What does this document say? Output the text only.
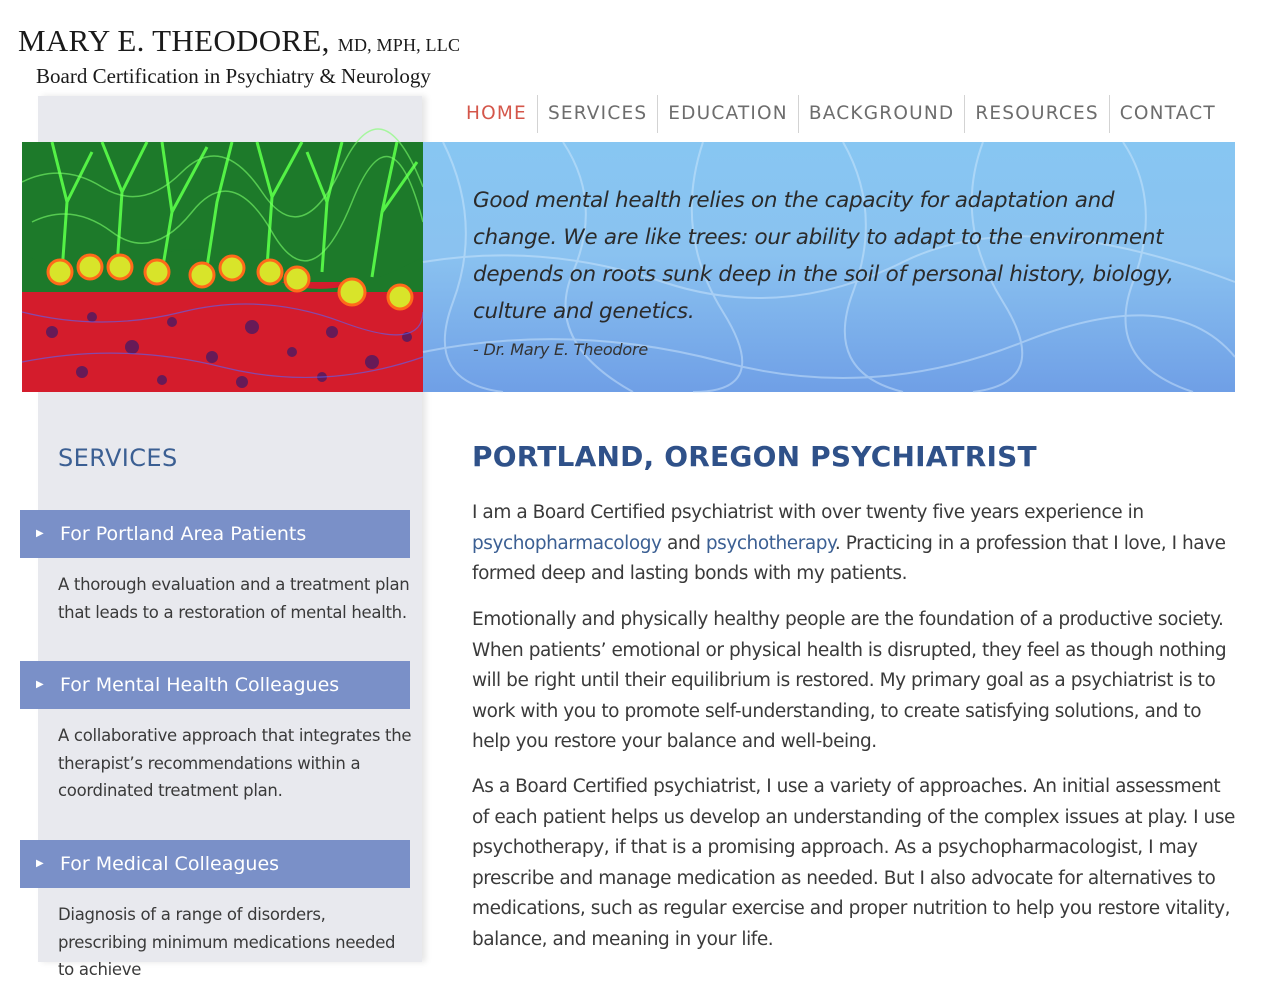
MARY E. THEODORE, MD, MPH, LLC
Board Certification in Psychiatry & Neurology
HOME	SERVICES	EDUCATION	BACKGROUND	RESOURCES	CONTACT
Good mental health relies on the capacity for adaptation and change. We are like trees: our ability to adapt to the environment depends on roots sunk deep in the soil of personal history, biology, culture and genetics.
- Dr. Mary E. Theodore
SERVICES
▶ For Portland Area Patients
A thorough evaluation and a treatment plan that leads to a restoration of mental health.
▶ For Mental Health Colleagues
A collaborative approach that integrates the therapist’s recommendations within a coordinated treatment plan.
▶ For Medical Colleagues
Diagnosis of a range of disorders, prescribing minimum medications needed to achieve
PORTLAND, OREGON PSYCHIATRIST

I am a Board Certified psychiatrist with over twenty five years experience in psychopharmacology and psychotherapy. Practicing in a profession that I love, I have formed deep and lasting bonds with my patients.

Emotionally and physically healthy people are the foundation of a productive society. When patients’ emotional or physical health is disrupted, they feel as though nothing will be right until their equilibrium is restored. My primary goal as a psychiatrist is to work with you to promote self-understanding, to create satisfying solutions, and to help you restore your balance and well-being.

As a Board Certified psychiatrist, I use a variety of approaches. An initial assessment of each patient helps us develop an understanding of the complex issues at play. I use psychotherapy, if that is a promising approach. As a psychopharmacologist, I may prescribe and manage medication as needed. But I also advocate for alternatives to medications, such as regular exercise and proper nutrition to help you restore vitality, balance, and meaning in your life.
